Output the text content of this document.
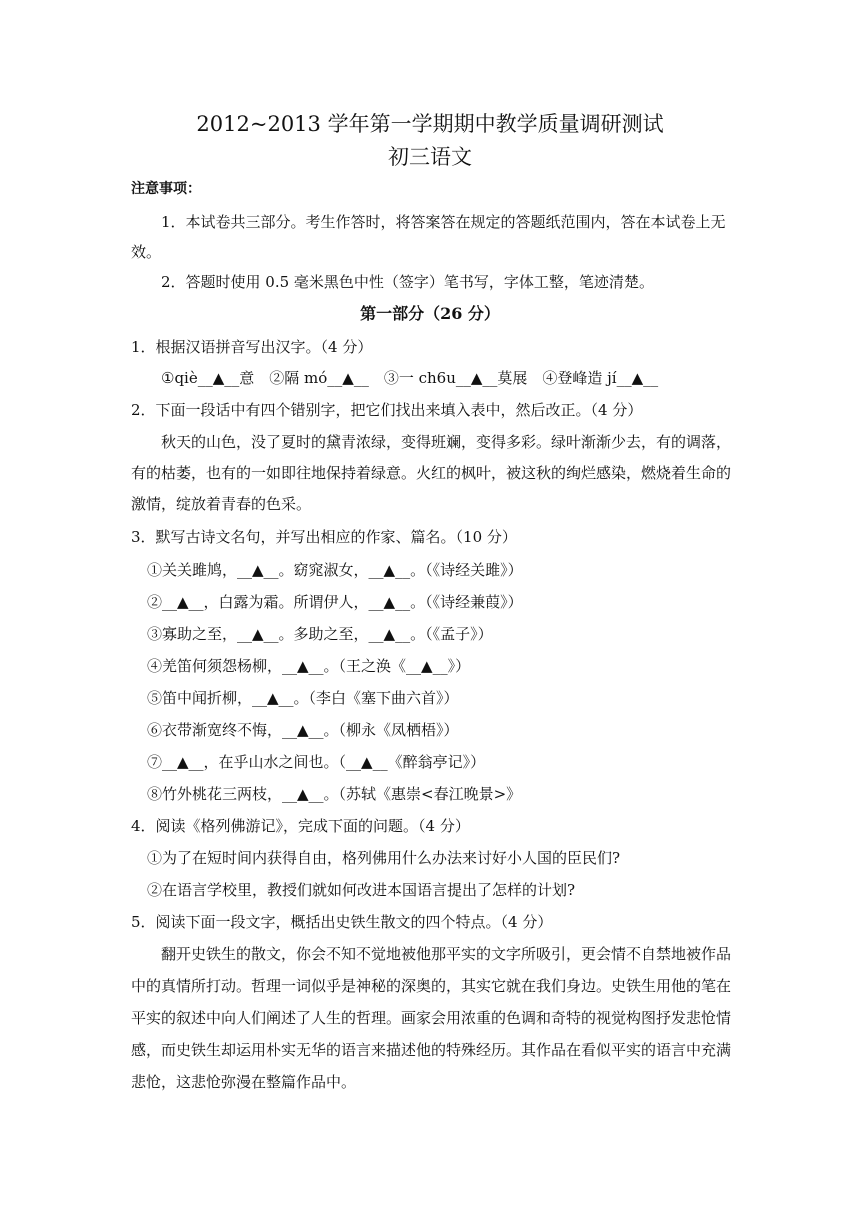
2012~2013 学年第一学期期中教学质量调研测试
初三语文
注意事项：
1．本试卷共三部分。考生作答时，将答案答在规定的答题纸范围内，答在本试卷上无
效。
2．答题时使用 0.5 毫米黑色中性（签字）笔书写，字体工整，笔迹清楚。
第一部分（26 分）
1．根据汉语拼音写出汉字。（4 分）
①qiè__▲__意　②隔 mó__▲__　③一 ch6u__▲__莫展　④登峰造 jí__▲__
2．下面一段话中有四个错别字，把它们找出来填入表中，然后改正。（4 分）
秋天的山色，没了夏时的黛青浓绿，变得班斓，变得多彩。绿叶渐渐少去，有的调落，
有的枯萎，也有的一如即往地保持着绿意。火红的枫叶，被这秋的绚烂感染，燃烧着生命的
激情，绽放着青春的色采。
3．默写古诗文名句，并写出相应的作家、篇名。（10 分）
①关关雎鸠，__▲__。窈窕淑女，__▲__。（《诗经关雎》）
②__▲__，白露为霜。所谓伊人，__▲__。（《诗经兼葭》）
③寡助之至，__▲__。多助之至，__▲__。（《孟子》）
④羌笛何须怨杨柳，__▲__。（王之涣《__▲__》）
⑤笛中闻折柳，__▲__。（李白《塞下曲六首》）
⑥衣带渐宽终不悔，__▲__。（柳永《凤栖梧》）
⑦__▲__，在乎山水之间也。（__▲__《醉翁亭记》）
⑧竹外桃花三两枝，__▲__。（苏轼《惠崇<春江晚景>》
4．阅读《格列佛游记》，完成下面的问题。（4 分）
①为了在短时间内获得自由，格列佛用什么办法来讨好小人国的臣民们?
②在语言学校里，教授们就如何改进本国语言提出了怎样的计划?
5．阅读下面一段文字，概括出史铁生散文的四个特点。（4 分）
翻开史铁生的散文，你会不知不觉地被他那平实的文字所吸引，更会情不自禁地被作品
中的真情所打动。哲理一词似乎是神秘的深奥的，其实它就在我们身边。史铁生用他的笔在
平实的叙述中向人们阐述了人生的哲理。画家会用浓重的色调和奇特的视觉构图抒发悲怆情
感，而史铁生却运用朴实无华的语言来描述他的特殊经历。其作品在看似平实的语言中充满
悲怆，这悲怆弥漫在整篇作品中。
